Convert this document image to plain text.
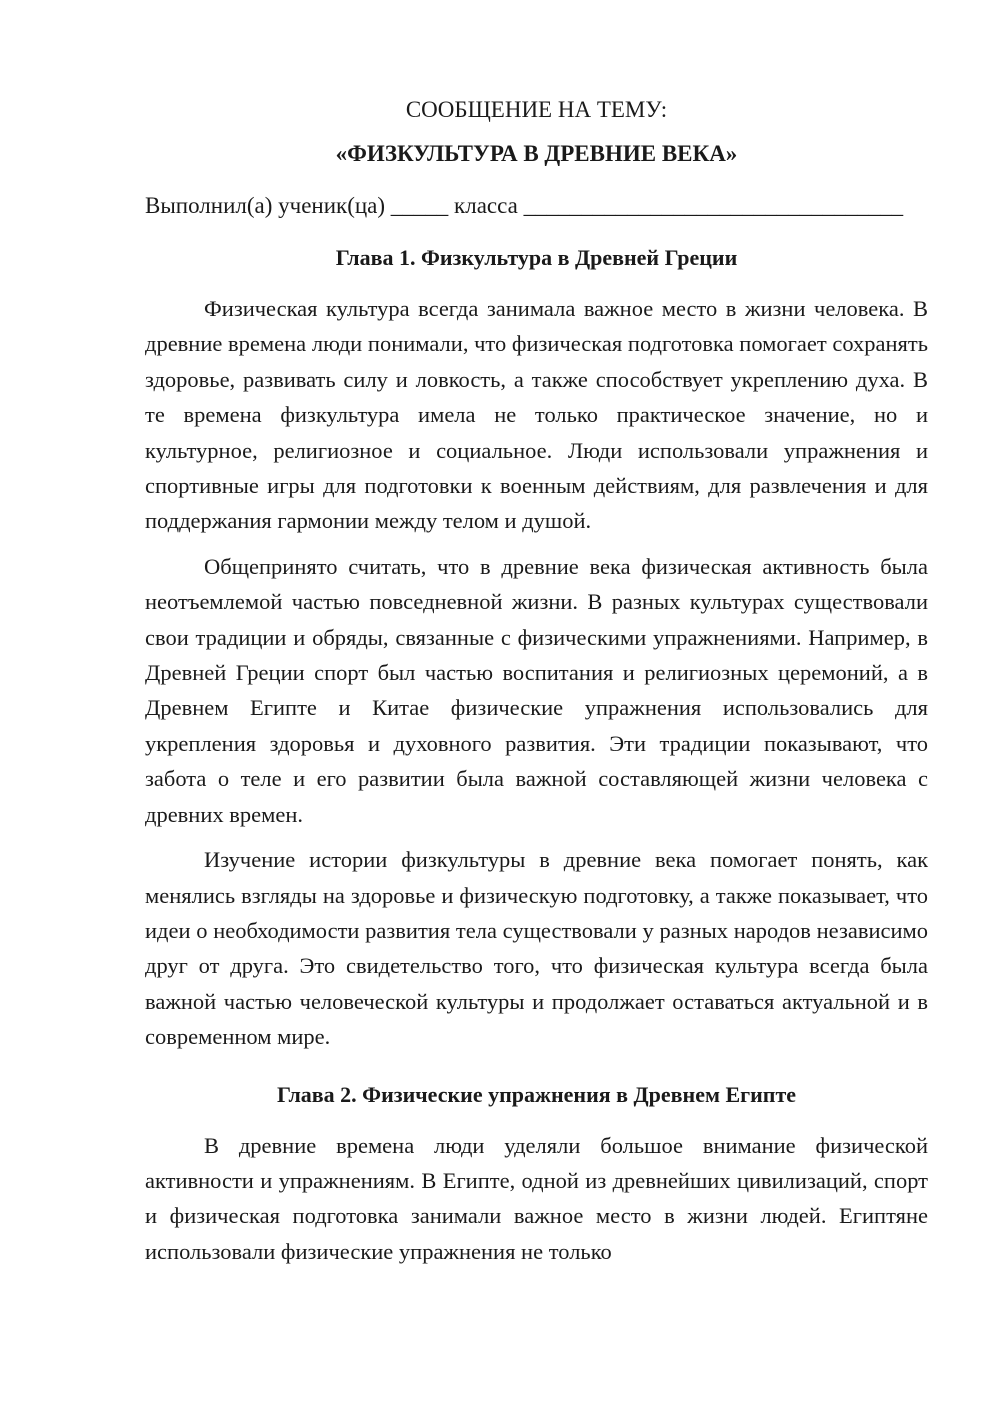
СООБЩЕНИЕ НА ТЕМУ:

«ФИЗКУЛЬТУРА В ДРЕВНИЕ ВЕКА»

Выполнил(а) ученик(ца) _____ класса _________________________________

Глава 1. Физкультура в Древней Греции

Физическая культура всегда занимала важное место в жизни человека. В древние времена люди понимали, что физическая подготовка помогает сохранять здоровье, развивать силу и ловкость, а также способствует укреплению духа. В те времена физкультура имела не только практическое значение, но и культурное, религиозное и социальное. Люди использовали упражнения и спортивные игры для подготовки к военным действиям, для развлечения и для поддержания гармонии между телом и душой.

Общепринято считать, что в древние века физическая активность была неотъемлемой частью повседневной жизни. В разных культурах существовали свои традиции и обряды, связанные с физическими упражнениями. Например, в Древней Греции спорт был частью воспитания и религиозных церемоний, а в Древнем Египте и Китае физические упражнения использовались для укрепления здоровья и духовного развития. Эти традиции показывают, что забота о теле и его развитии была важной составляющей жизни человека с древних времен.

Изучение истории физкультуры в древние века помогает понять, как менялись взгляды на здоровье и физическую подготовку, а также показывает, что идеи о необходимости развития тела существовали у разных народов независимо друг от друга. Это свидетельство того, что физическая культура всегда была важной частью человеческой культуры и продолжает оставаться актуальной и в современном мире.

Глава 2. Физические упражнения в Древнем Египте

В древние времена люди уделяли большое внимание физической активности и упражнениям. В Египте, одной из древнейших цивилизаций, спорт и физическая подготовка занимали важное место в жизни людей. Египтяне использовали физические упражнения не только
